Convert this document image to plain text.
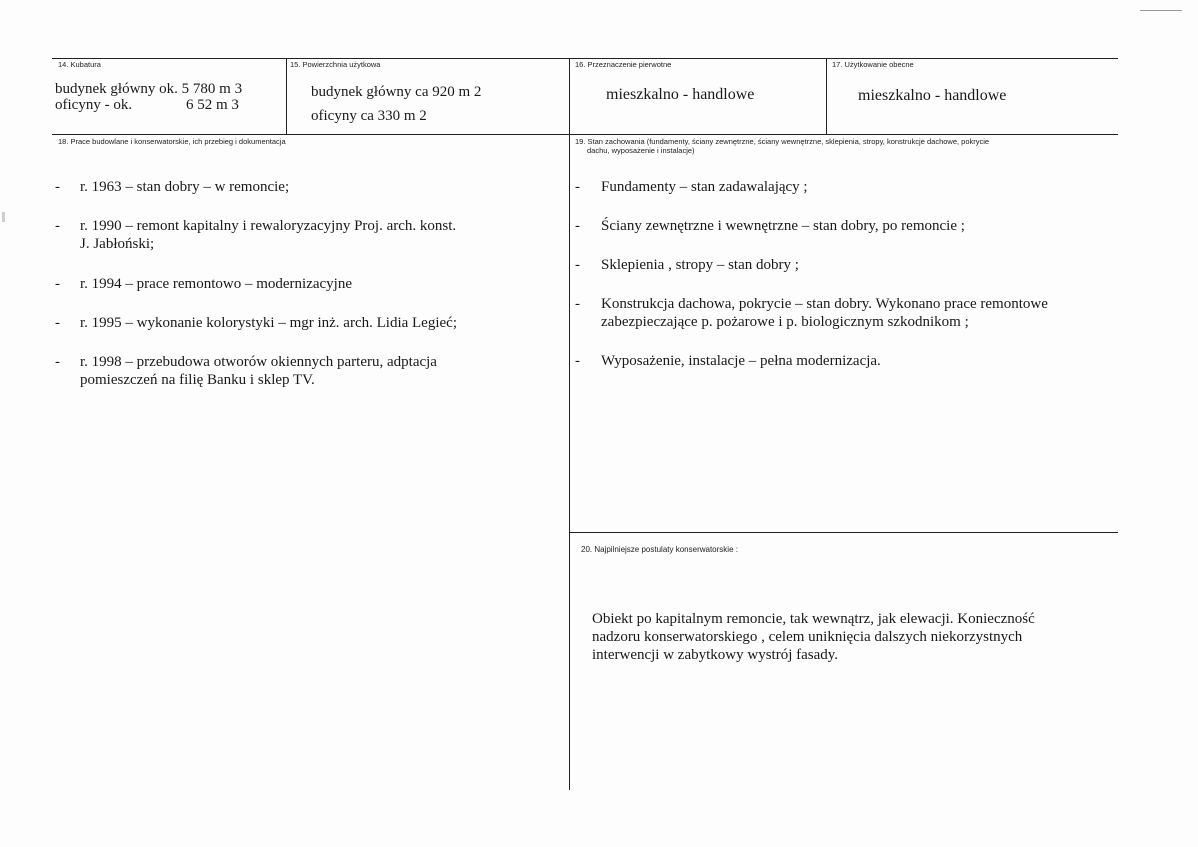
14. Kubatura
budynek główny ok. 5 780 m 3
oficyny - ok.	6 52 m 3
15. Powierzchnia użytkowa
budynek główny ca 920 m 2
oficyny ca 330 m 2
16. Przeznaczenie pierwotne
mieszkalno - handlowe
17. Użytkowanie obecne
mieszkalno - handlowe
18. Prace budowlane i konserwatorskie, ich przebieg i dokumentacja
- r. 1963 – stan dobry – w remoncie;
- r. 1990 – remont kapitalny i rewaloryzacyjny Proj. arch. konst.
J. Jabłoński;
- r. 1994 – prace remontowo – modernizacyjne
- r. 1995 – wykonanie kolorystyki – mgr inż. arch. Lidia Legieć;
- r. 1998 – przebudowa otworów okiennych parteru, adptacja
pomieszczeń na filię Banku i sklep TV.
19. Stan zachowania (fundamenty, ściany zewnętrzne, ściany wewnętrzne, sklepienia, stropy, konstrukcje dachowe, pokrycie
dachu, wyposażenie i instalacje)
- Fundamenty – stan zadawalający ;
- Ściany zewnętrzne i wewnętrzne – stan dobry, po remoncie ;
- Sklepienia , stropy – stan dobry ;
- Konstrukcja dachowa, pokrycie – stan dobry. Wykonano prace remontowe
zabezpieczające p. pożarowe i p. biologicznym szkodnikom ;
- Wyposażenie, instalacje – pełna modernizacja.
20. Najpilniejsze postulaty konserwatorskie :
Obiekt po kapitalnym remoncie, tak wewnątrz, jak elewacji. Konieczność
nadzoru konserwatorskiego , celem uniknięcia dalszych niekorzystnych
interwencji w zabytkowy wystrój fasady.
